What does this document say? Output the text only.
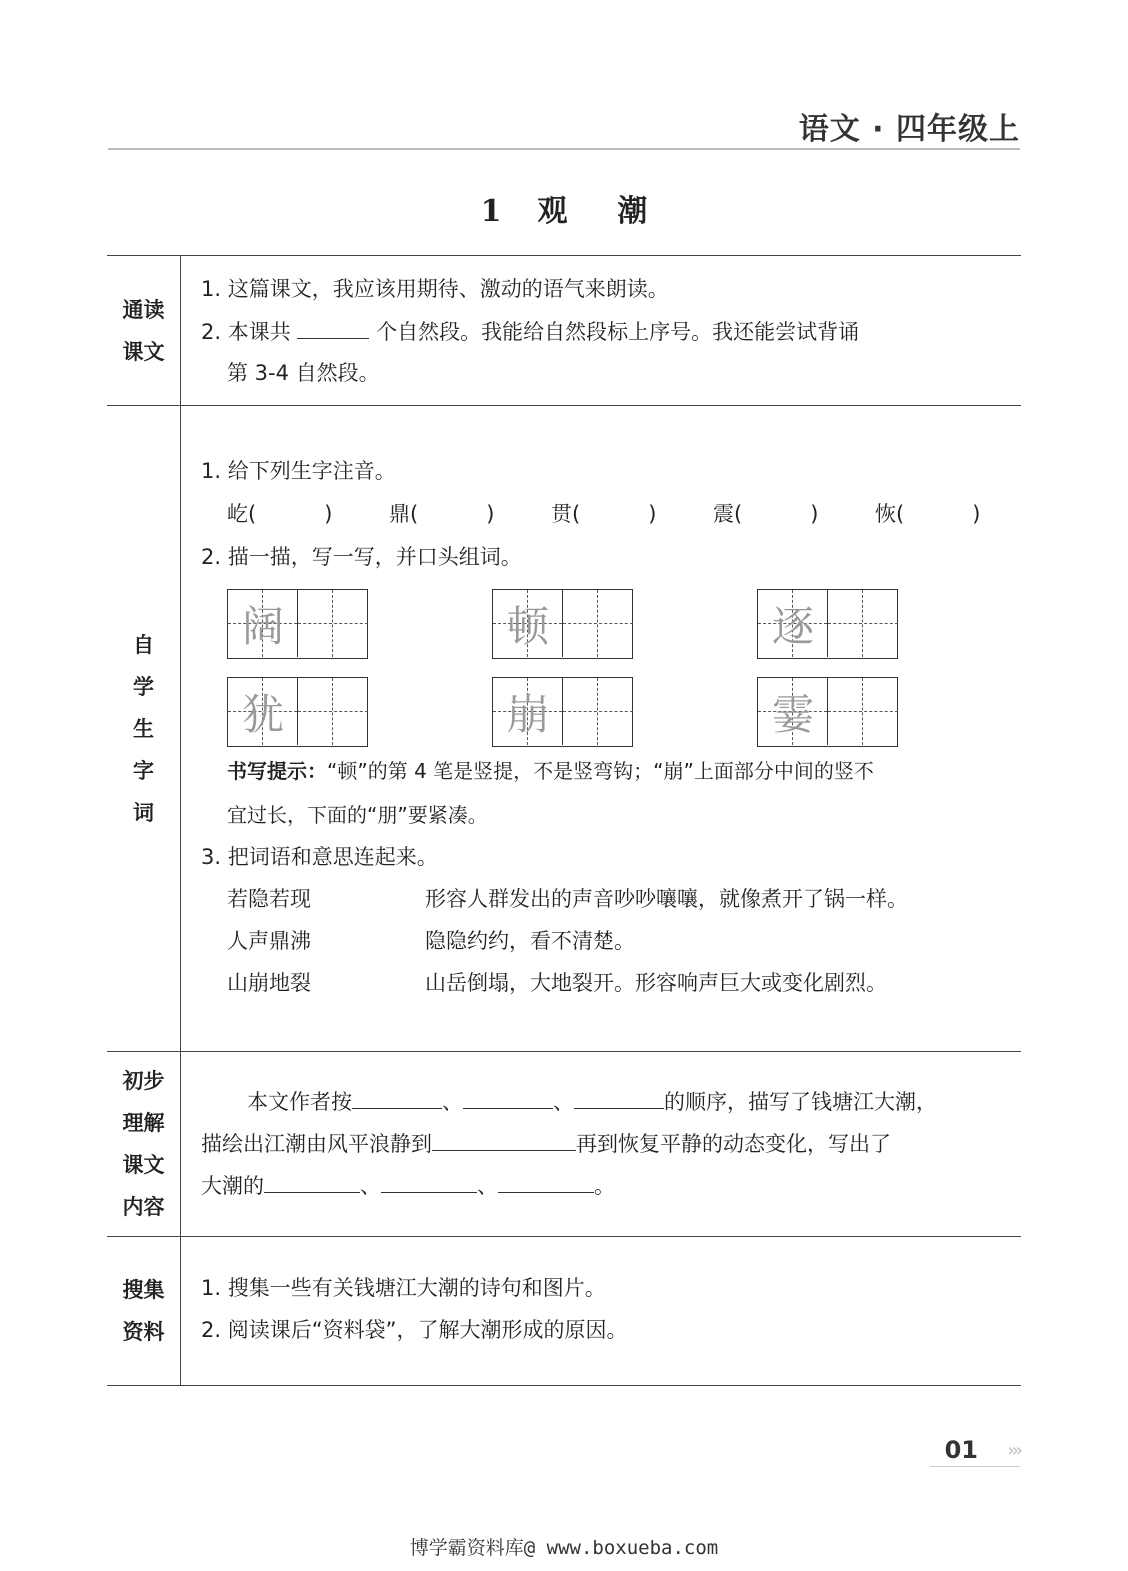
语文 · 四年级上
1 观潮
通读
课文
1. 这篇课文，我应该用期待、激动的语气来朗读。
2. 本课共	个自然段。我能给自然段标上序号。我还能尝试背诵
第 3-4 自然段。
自
学
生
字
词
1. 给下列生字注音。
屹(	)	鼎(	)	贯(	)	震(	)	恢(	)
2. 描一描，写一写，并口头组词。
阔	顿	逐
犹	崩	霎
书写提示：“顿”的第 4 笔是竖提，不是竖弯钩；“崩”上面部分中间的竖不
宜过长，下面的“朋”要紧凑。
3. 把词语和意思连起来。
若隐若现	形容人群发出的声音吵吵嚷嚷，就像煮开了锅一样。
人声鼎沸	隐隐约约，看不清楚。
山崩地裂	山岳倒塌，大地裂开。形容响声巨大或变化剧烈。
初步
理解
课文
内容
本文作者按	、	、	的顺序，描写了钱塘江大潮，
描绘出江潮由风平浪静到	再到恢复平静的动态变化，写出了
大潮的	、	、	。
搜集
资料
1. 搜集一些有关钱塘江大潮的诗句和图片。
2. 阅读课后“资料袋”，了解大潮形成的原因。
01 ›››
博学霸资料库@ www.boxueba.com
